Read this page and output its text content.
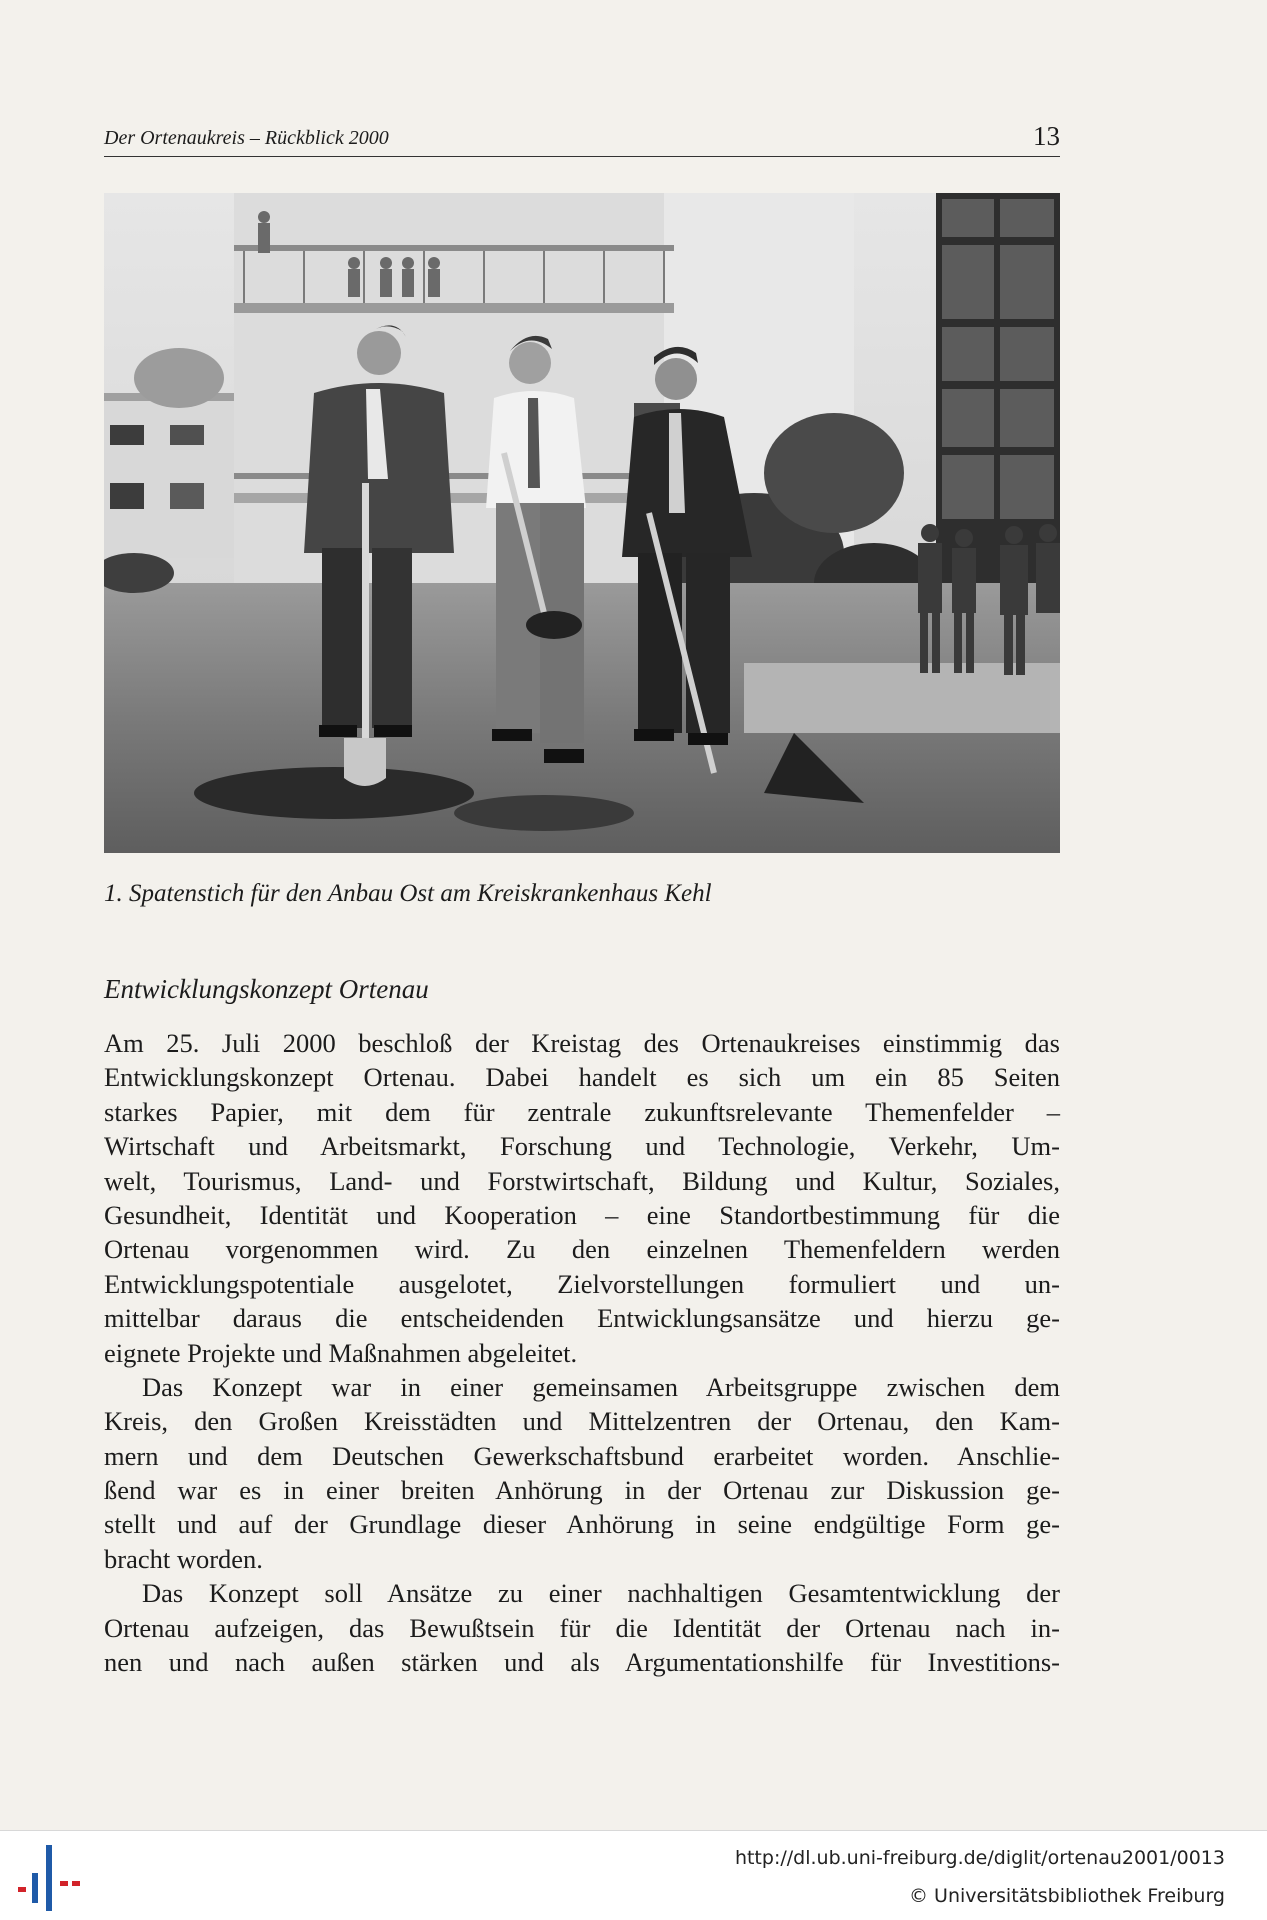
Der Ortenaukreis – Rückblick 2000	13
1. Spatenstich für den Anbau Ost am Kreiskrankenhaus Kehl
Entwicklungskonzept Ortenau
Am 25. Juli 2000 beschloß der Kreistag des Ortenaukreises einstimmig das
Entwicklungskonzept Ortenau. Dabei handelt es sich um ein 85 Seiten
starkes Papier, mit dem für zentrale zukunftsrelevante Themenfelder –
Wirtschaft und Arbeitsmarkt, Forschung und Technologie, Verkehr, Um-
welt, Tourismus, Land- und Forstwirtschaft, Bildung und Kultur, Soziales,
Gesundheit, Identität und Kooperation – eine Standortbestimmung für die
Ortenau vorgenommen wird. Zu den einzelnen Themenfeldern werden
Entwicklungspotentiale ausgelotet, Zielvorstellungen formuliert und un-
mittelbar daraus die entscheidenden Entwicklungsansätze und hierzu ge-
eignete Projekte und Maßnahmen abgeleitet.
Das Konzept war in einer gemeinsamen Arbeitsgruppe zwischen dem
Kreis, den Großen Kreisstädten und Mittelzentren der Ortenau, den Kam-
mern und dem Deutschen Gewerkschaftsbund erarbeitet worden. Anschlie-
ßend war es in einer breiten Anhörung in der Ortenau zur Diskussion ge-
stellt und auf der Grundlage dieser Anhörung in seine endgültige Form ge-
bracht worden.
Das Konzept soll Ansätze zu einer nachhaltigen Gesamtentwicklung der
Ortenau aufzeigen, das Bewußtsein für die Identität der Ortenau nach in-
nen und nach außen stärken und als Argumentationshilfe für Investitions-
http://dl.ub.uni-freiburg.de/diglit/ortenau2001/0013
© Universitätsbibliothek Freiburg
